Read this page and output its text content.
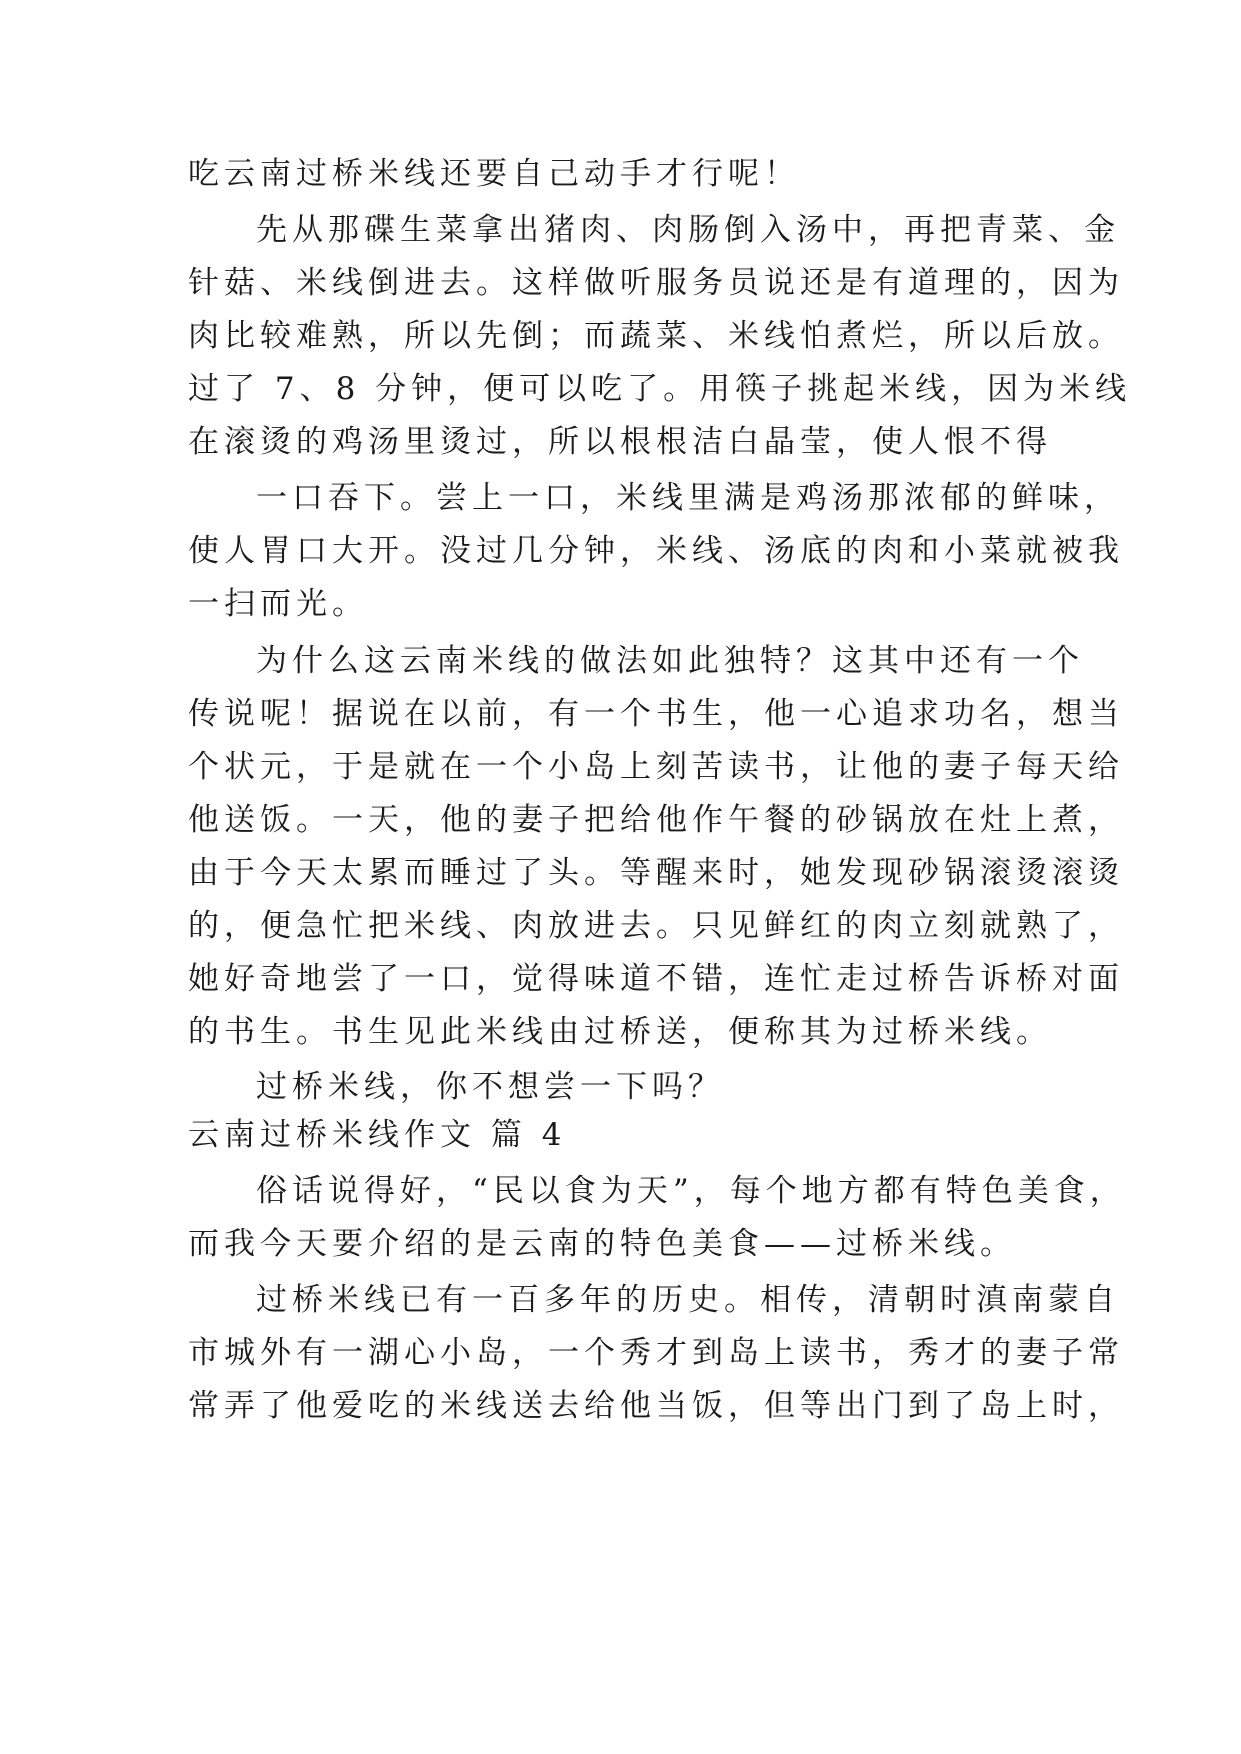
吃云南过桥米线还要自己动手才行呢！
先从那碟生菜拿出猪肉、肉肠倒入汤中，再把青菜、金
针菇、米线倒进去。这样做听服务员说还是有道理的，因为
肉比较难熟，所以先倒；而蔬菜、米线怕煮烂，所以后放。
过了 7、8 分钟，便可以吃了。用筷子挑起米线，因为米线
在滚烫的鸡汤里烫过，所以根根洁白晶莹，使人恨不得
一口吞下。尝上一口，米线里满是鸡汤那浓郁的鲜味，
使人胃口大开。没过几分钟，米线、汤底的肉和小菜就被我
一扫而光。
为什么这云南米线的做法如此独特？这其中还有一个
传说呢！据说在以前，有一个书生，他一心追求功名，想当
个状元，于是就在一个小岛上刻苦读书，让他的妻子每天给
他送饭。一天，他的妻子把给他作午餐的砂锅放在灶上煮，
由于今天太累而睡过了头。等醒来时，她发现砂锅滚烫滚烫
的，便急忙把米线、肉放进去。只见鲜红的肉立刻就熟了，
她好奇地尝了一口，觉得味道不错，连忙走过桥告诉桥对面
的书生。书生见此米线由过桥送，便称其为过桥米线。
过桥米线，你不想尝一下吗？
云南过桥米线作文 篇 4
俗话说得好，“民以食为天”，每个地方都有特色美食，
而我今天要介绍的是云南的特色美食——过桥米线。
过桥米线已有一百多年的历史。相传，清朝时滇南蒙自
市城外有一湖心小岛，一个秀才到岛上读书，秀才的妻子常
常弄了他爱吃的米线送去给他当饭，但等出门到了岛上时，
